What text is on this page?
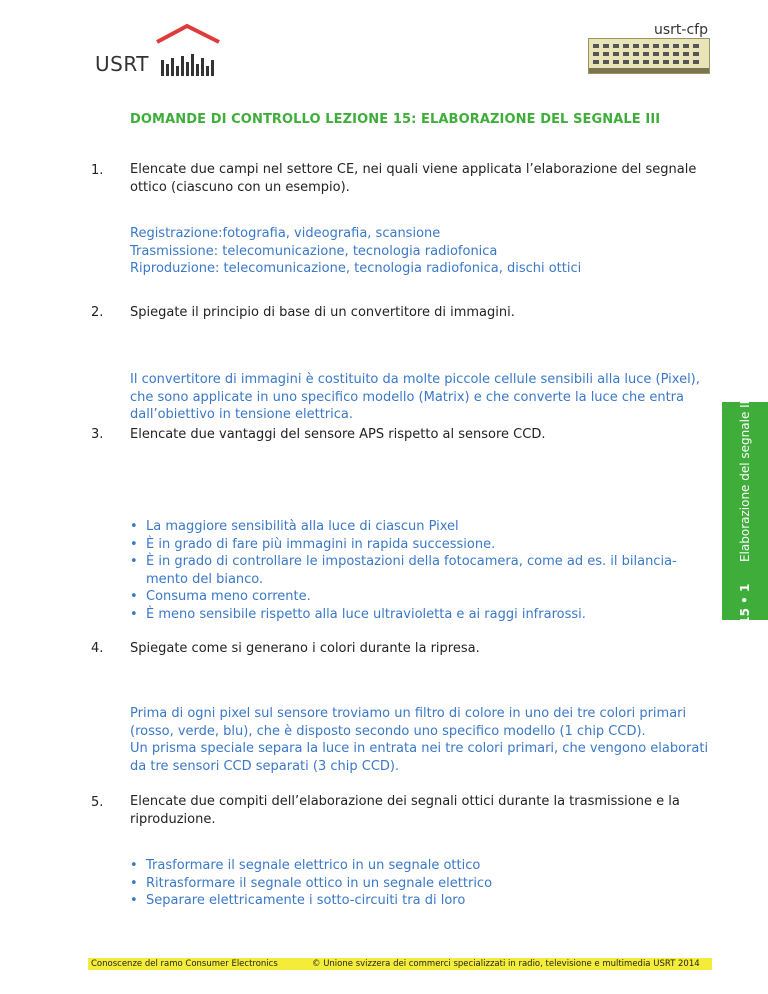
USRT
usrt-cfp
DOMANDE DI CONTROLLO LEZIONE 15: ELABORAZIONE DEL SEGNALE III
1. Elencate due campi nel settore CE, nei quali viene applicata l’elaborazione del segnale ottico (ciascuno con un esempio).
Registrazione:fotografia, videografia, scansione
Trasmissione: telecomunicazione, tecnologia radiofonica
Riproduzione: telecomunicazione, tecnologia radiofonica, dischi ottici
2. Spiegate il principio di base di un convertitore di immagini.
Il convertitore di immagini è costituito da molte piccole cellule sensibili alla luce (Pixel), che sono applicate in uno specifico modello (Matrix) e che converte la luce che entra dall’obiettivo in tensione elettrica.
3. Elencate due vantaggi del sensore APS rispetto al sensore CCD.
• La maggiore sensibilità alla luce di ciascun Pixel
• È in grado di fare più immagini in rapida successione.
• È in grado di controllare le impostazioni della fotocamera, come ad es. il bilancia-mento del bianco.
• Consuma meno corrente.
• È meno sensibile rispetto alla luce ultravioletta e ai raggi infrarossi.
4. Spiegate come si generano i colori durante la ripresa.
Prima di ogni pixel sul sensore troviamo un filtro di colore in uno dei tre colori primari
(rosso, verde, blu), che è disposto secondo uno specifico modello (1 chip CCD).
Un prisma speciale separa la luce in entrata nei tre colori primari, che vengono elaborati
da tre sensori CCD separati (3 chip CCD).
5. Elencate due compiti dell’elaborazione dei segnali ottici durante la trasmissione e la riproduzione.
• Trasformare il segnale elettrico in un segnale ottico
• Ritrasformare il segnale ottico in un segnale elettrico
• Separare elettricamente i sotto-circuiti tra di loro
15 • 1  Elaborazione del segnale III
Conoscenze del ramo Consumer Electronics	© Unione svizzera dei commerci specializzati in radio, televisione e multimedia USRT 2014
